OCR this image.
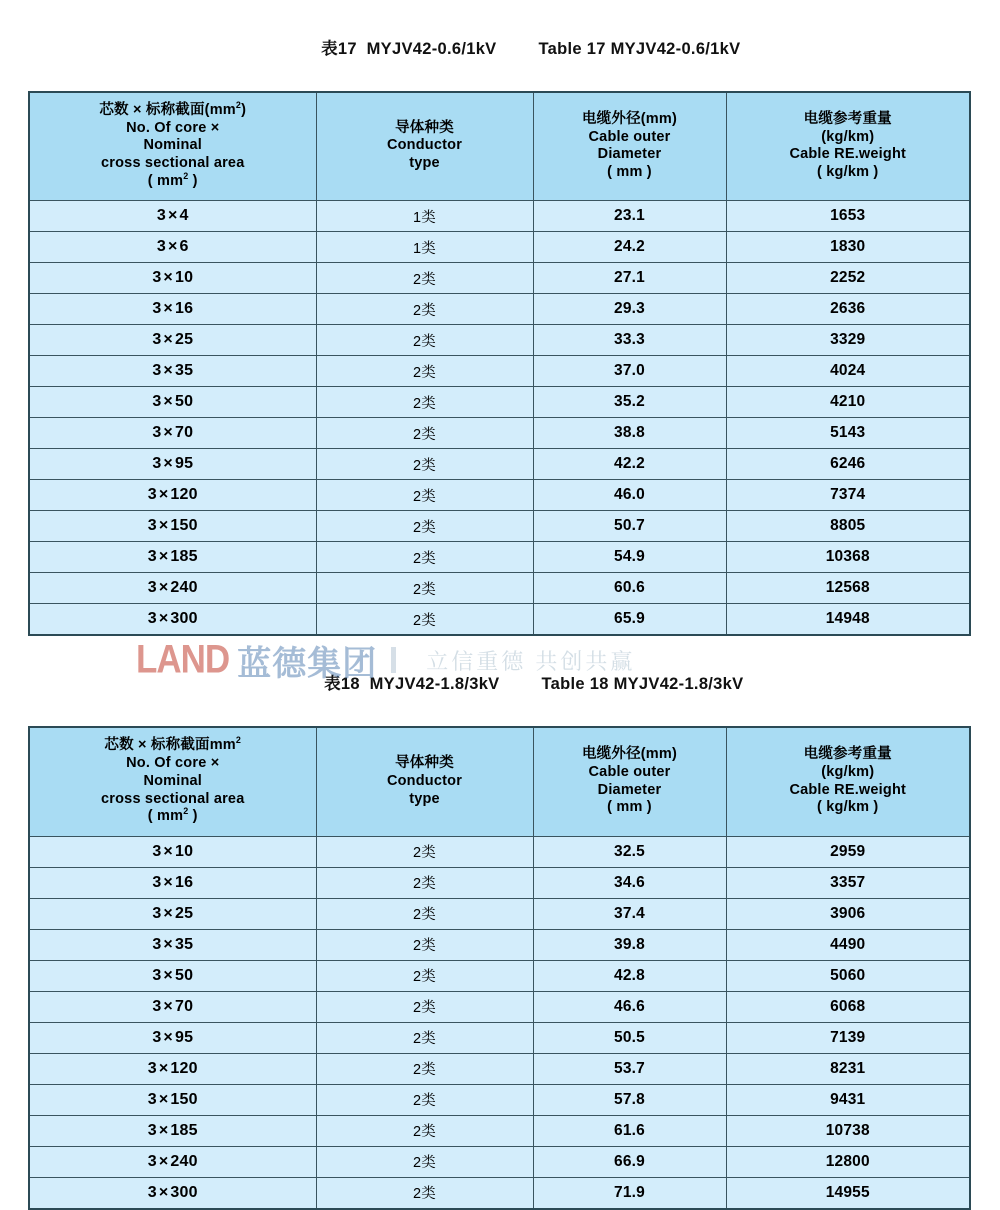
表17  MYJV42-0.6/1kV	Table 17 MYJV42-0.6/1kV

芯数 × 标称截面$(mm^2)$
No. Of core ×
Nominal
cross sectional area
( $mm^2$ )	导体种类
Conductor
type	电缆外径(mm)
Cable outer
Diameter
( mm )	电缆参考重量
(kg/km)
Cable RE.weight
( kg/km )

3 × 4	1类	23.1	1653
3 × 6	1类	24.2	1830
3 × 10	2类	27.1	2252
3 × 16	2类	29.3	2636
3 × 25	2类	33.3	3329
3 × 35	2类	37.0	4024
3 × 50	2类	35.2	4210
3 × 70	2类	38.8	5143
3 × 95	2类	42.2	6246
3 × 120	2类	46.0	7374
3 × 150	2类	50.7	8805
3 × 185	2类	54.9	10368
3 × 240	2类	60.6	12568
3 × 300	2类	65.9	14948
LAND 蓝德集团 立信重德 共创共赢

表18  MYJV42-1.8/3kV	Table 18 MYJV42-1.8/3kV

芯数 × 标称截面$mm^2$
No. Of core ×
Nominal
cross sectional area
( $mm^2$ )	导体种类
Conductor
type	电缆外径(mm)
Cable outer
Diameter
( mm )	电缆参考重量
(kg/km)
Cable RE.weight
( kg/km )

3 × 10	2类	32.5	2959
3 × 16	2类	34.6	3357
3 × 25	2类	37.4	3906
3 × 35	2类	39.8	4490
3 × 50	2类	42.8	5060
3 × 70	2类	46.6	6068
3 × 95	2类	50.5	7139
3 × 120	2类	53.7	8231
3 × 150	2类	57.8	9431
3 × 185	2类	61.6	10738
3 × 240	2类	66.9	12800
3 × 300	2类	71.9	14955
